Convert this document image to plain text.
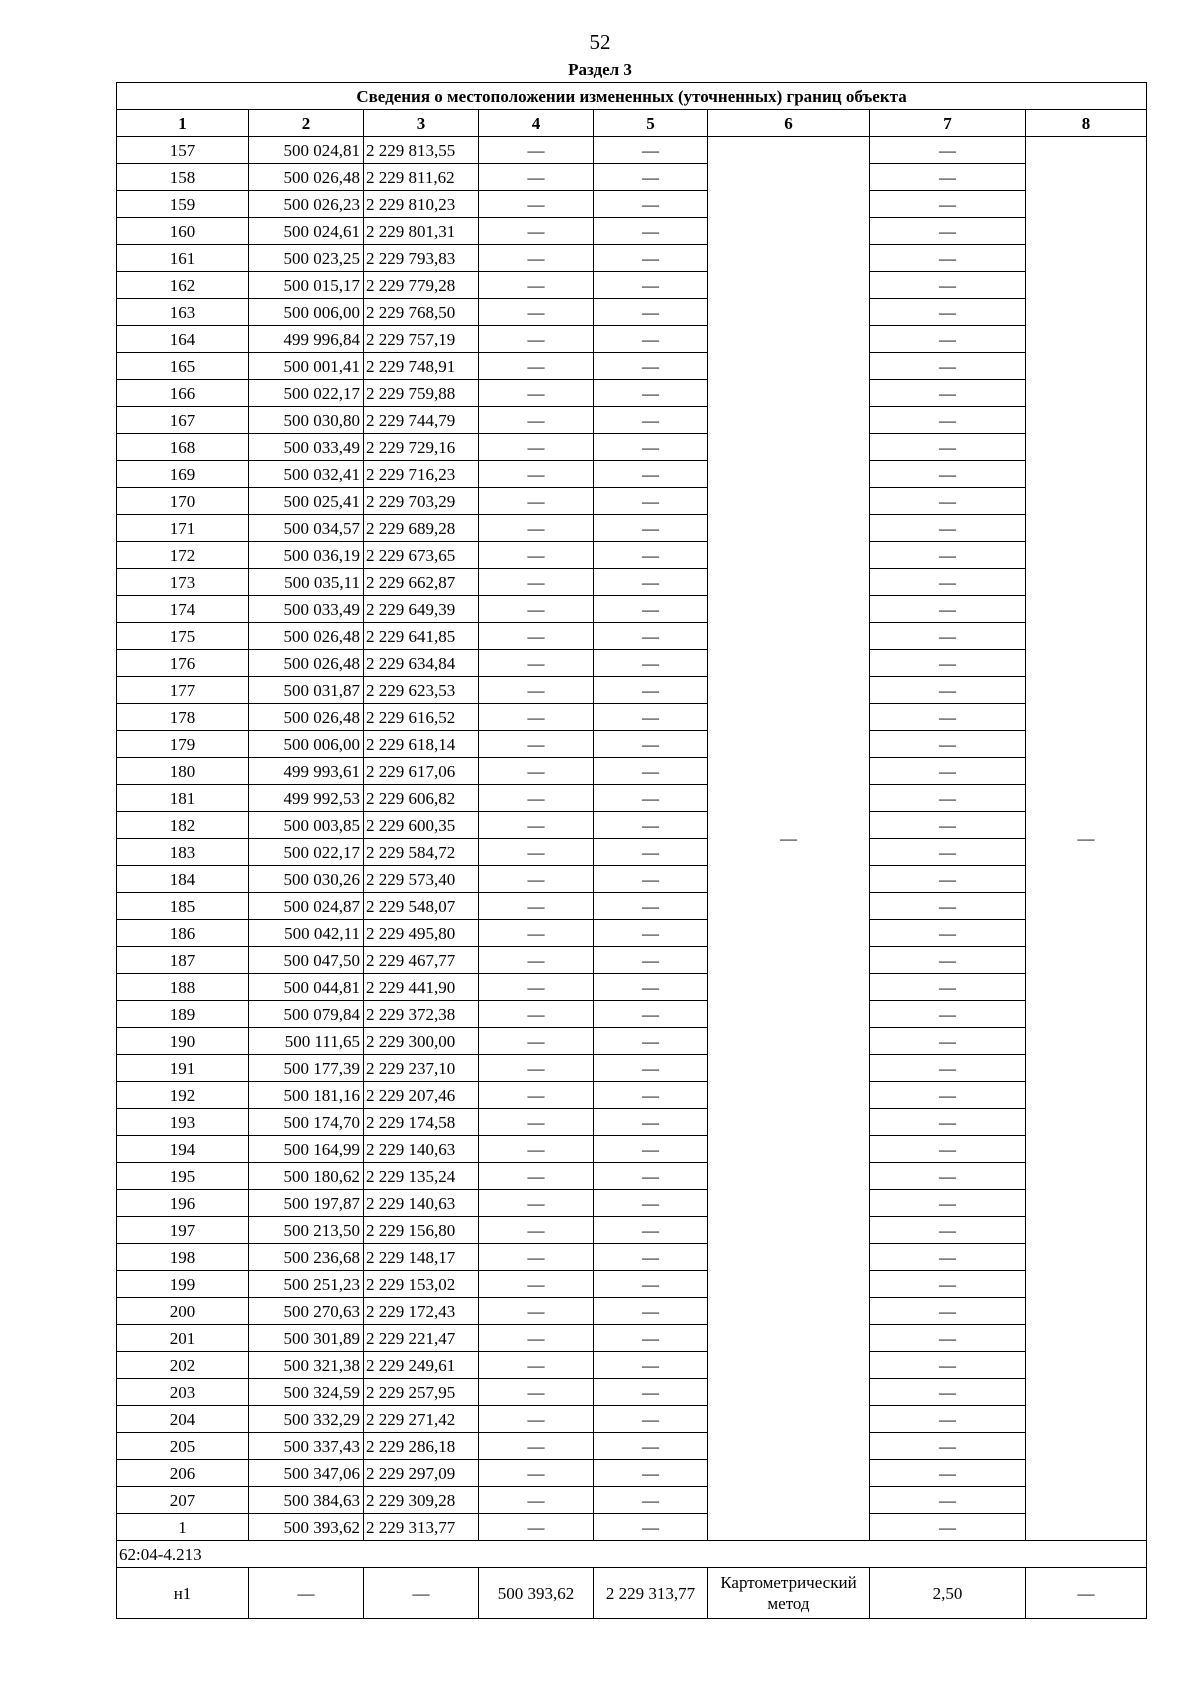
52
Раздел 3
Сведения о местоположении измененных (уточненных) границ объекта							
1	2	3	4	5	6	7	8
157	500 024,81	2 229 813,55	—	—	—	—	—
158	500 026,48	2 229 811,62	—	—		—	
159	500 026,23	2 229 810,23	—	—		—	
160	500 024,61	2 229 801,31	—	—		—	
161	500 023,25	2 229 793,83	—	—		—	
162	500 015,17	2 229 779,28	—	—		—	
163	500 006,00	2 229 768,50	—	—		—	
164	499 996,84	2 229 757,19	—	—		—	
165	500 001,41	2 229 748,91	—	—		—	
166	500 022,17	2 229 759,88	—	—		—	
167	500 030,80	2 229 744,79	—	—		—	
168	500 033,49	2 229 729,16	—	—		—	
169	500 032,41	2 229 716,23	—	—		—	
170	500 025,41	2 229 703,29	—	—		—	
171	500 034,57	2 229 689,28	—	—		—	
172	500 036,19	2 229 673,65	—	—		—	
173	500 035,11	2 229 662,87	—	—		—	
174	500 033,49	2 229 649,39	—	—		—	
175	500 026,48	2 229 641,85	—	—		—	
176	500 026,48	2 229 634,84	—	—		—	
177	500 031,87	2 229 623,53	—	—		—	
178	500 026,48	2 229 616,52	—	—		—	
179	500 006,00	2 229 618,14	—	—		—	
180	499 993,61	2 229 617,06	—	—		—	
181	499 992,53	2 229 606,82	—	—		—	
182	500 003,85	2 229 600,35	—	—		—	
183	500 022,17	2 229 584,72	—	—		—	
184	500 030,26	2 229 573,40	—	—		—	
185	500 024,87	2 229 548,07	—	—		—	
186	500 042,11	2 229 495,80	—	—		—	
187	500 047,50	2 229 467,77	—	—		—	
188	500 044,81	2 229 441,90	—	—		—	
189	500 079,84	2 229 372,38	—	—		—	
190	500 111,65	2 229 300,00	—	—		—	
191	500 177,39	2 229 237,10	—	—		—	
192	500 181,16	2 229 207,46	—	—		—	
193	500 174,70	2 229 174,58	—	—		—	
194	500 164,99	2 229 140,63	—	—		—	
195	500 180,62	2 229 135,24	—	—		—	
196	500 197,87	2 229 140,63	—	—		—	
197	500 213,50	2 229 156,80	—	—		—	
198	500 236,68	2 229 148,17	—	—		—	
199	500 251,23	2 229 153,02	—	—		—	
200	500 270,63	2 229 172,43	—	—		—	
201	500 301,89	2 229 221,47	—	—		—	
202	500 321,38	2 229 249,61	—	—		—	
203	500 324,59	2 229 257,95	—	—		—	
204	500 332,29	2 229 271,42	—	—		—	
205	500 337,43	2 229 286,18	—	—		—	
206	500 347,06	2 229 297,09	—	—		—	
207	500 384,63	2 229 309,28	—	—		—	
1	500 393,62	2 229 313,77	—	—		—	
62:04-4.213							
н1	—	—	500 393,62	2 229 313,77	Картометрический метод	2,50	—
